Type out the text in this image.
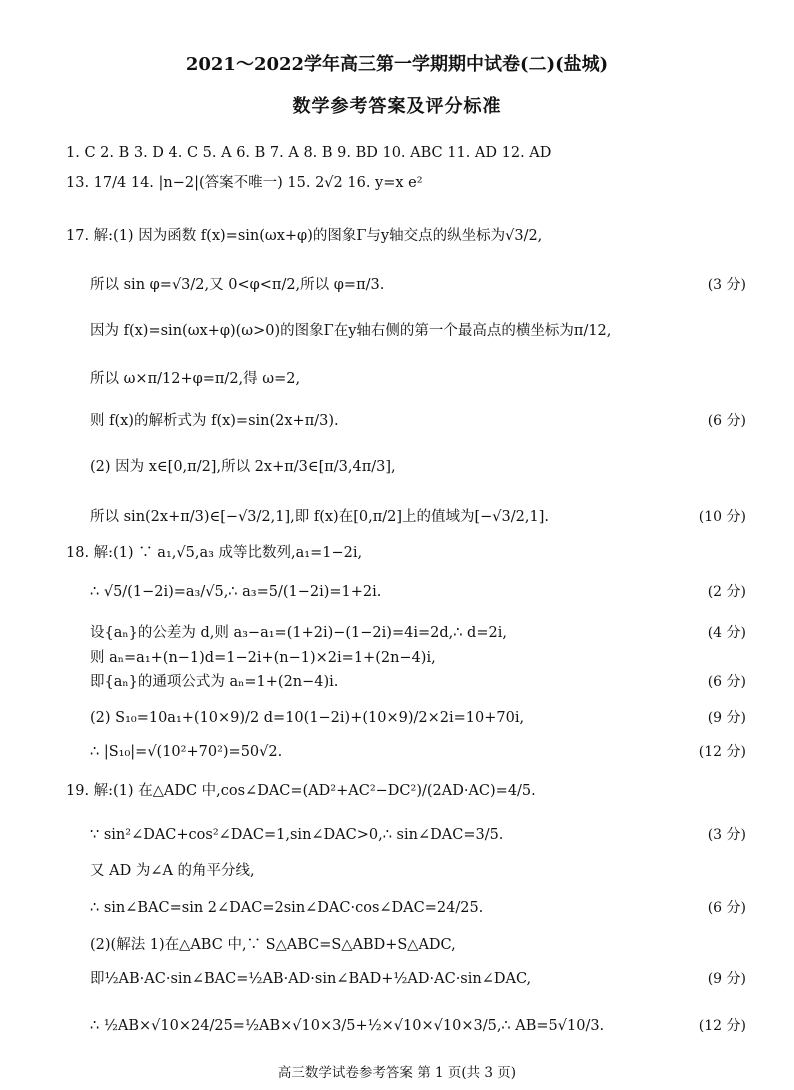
2021～2022学年高三第一学期期中试卷(二)(盐城)
数学参考答案及评分标准
1. C 2. B 3. D 4. C 5. A 6. B 7. A 8. B 9. BD 10. ABC 11. AD 12. AD
13. 17/4 14. |n−2|(答案不唯一) 15. 2√2 16. y=x e²
17. 解:(1) 因为函数 f(x)=sin(ωx+φ)的图象Γ与y轴交点的纵坐标为√3/2,
所以 sin φ=√3/2,又 0<φ<π/2,所以 φ=π/3.	(3 分)
因为 f(x)=sin(ωx+φ)(ω>0)的图象Γ在y轴右侧的第一个最高点的横坐标为π/12,
所以 ω×π/12+φ=π/2,得 ω=2,
则 f(x)的解析式为 f(x)=sin(2x+π/3).	(6 分)
(2) 因为 x∈[0,π/2],所以 2x+π/3∈[π/3,4π/3],
所以 sin(2x+π/3)∈[−√3/2,1],即 f(x)在[0,π/2]上的值域为[−√3/2,1].	(10 分)
18. 解:(1) ∵ a₁,√5,a₃ 成等比数列,a₁=1−2i,
∴ √5/(1−2i)=a₃/√5,∴ a₃=5/(1−2i)=1+2i.	(2 分)
设{aₙ}的公差为 d,则 a₃−a₁=(1+2i)−(1−2i)=4i=2d,∴ d=2i,	(4 分)
则 aₙ=a₁+(n−1)d=1−2i+(n−1)×2i=1+(2n−4)i,
即{aₙ}的通项公式为 aₙ=1+(2n−4)i.	(6 分)
(2) S₁₀=10a₁+(10×9)/2 d=10(1−2i)+(10×9)/2×2i=10+70i,	(9 分)
∴ |S₁₀|=√(10²+70²)=50√2.	(12 分)
19. 解:(1) 在△ADC 中,cos∠DAC=(AD²+AC²−DC²)/(2AD·AC)=4/5.
∵ sin²∠DAC+cos²∠DAC=1,sin∠DAC>0,∴ sin∠DAC=3/5.	(3 分)
又 AD 为∠A 的角平分线,
∴ sin∠BAC=sin 2∠DAC=2sin∠DAC·cos∠DAC=24/25.	(6 分)
(2)(解法 1)在△ABC 中,∵ S△ABC=S△ABD+S△ADC,
即½AB·AC·sin∠BAC=½AB·AD·sin∠BAD+½AD·AC·sin∠DAC,	(9 分)
∴ ½AB×√10×24/25=½AB×√10×3/5+½×√10×√10×3/5,∴ AB=5√10/3.	(12 分)
高三数学试卷参考答案 第 1 页(共 3 页)
